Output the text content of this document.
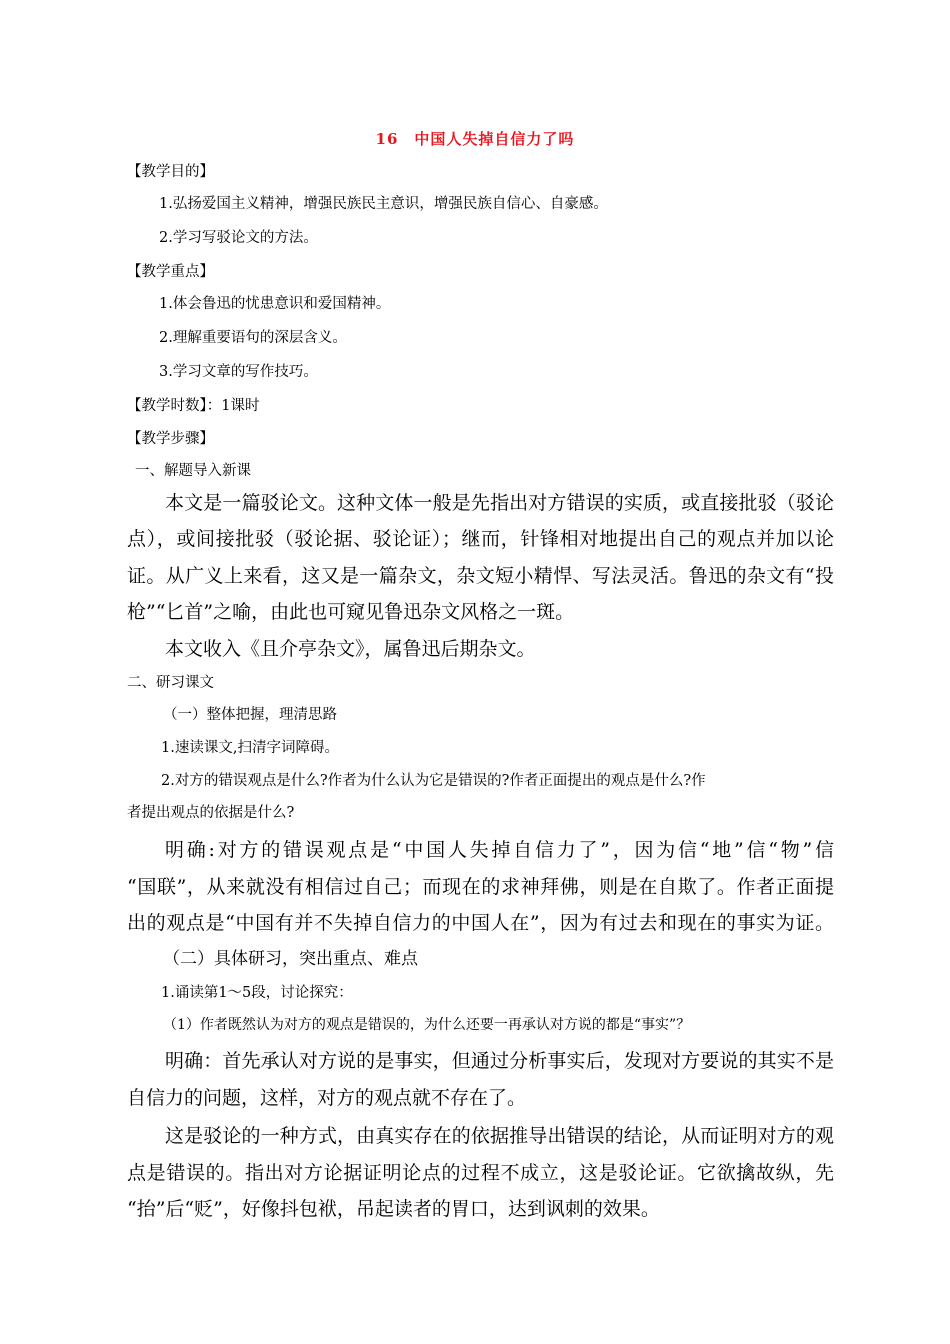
16　中国人失掉自信力了吗
【教学目的】
1.弘扬爱国主义精神，增强民族民主意识，增强民族自信心、自豪感。
2.学习写驳论文的方法。
【教学重点】
1.体会鲁迅的忧患意识和爱国精神。
2.理解重要语句的深层含义。
3.学习文章的写作技巧。
【教学时数】：1课时
【教学步骤】
一、解题导入新课
本文是一篇驳论文。这种文体一般是先指出对方错误的实质，或直接批驳（驳论
点），或间接批驳（驳论据、驳论证）；继而，针锋相对地提出自己的观点并加以论
证。从广义上来看，这又是一篇杂文，杂文短小精悍、写法灵活。鲁迅的杂文有“投
枪”“匕首”之喻，由此也可窥见鲁迅杂文风格之一斑。
本文收入《且介亭杂文》，属鲁迅后期杂文。
二、研习课文
（一）整体把握，理清思路
1.速读课文,扫清字词障碍。
2.对方的错误观点是什么?作者为什么认为它是错误的?作者正面提出的观点是什么?作
者提出观点的依据是什么?
明确:对方的错误观点是“中国人失掉自信力了”，因为信“地”信“物”信
“国联”，从来就没有相信过自己；而现在的求神拜佛，则是在自欺了。作者正面提
出的观点是“中国有并不失掉自信力的中国人在”，因为有过去和现在的事实为证。
（二）具体研习，突出重点、难点
1.诵读第1～5段，讨论探究：
（1）作者既然认为对方的观点是错误的，为什么还要一再承认对方说的都是“事实”？
明确：首先承认对方说的是事实，但通过分析事实后，发现对方要说的其实不是
自信力的问题，这样，对方的观点就不存在了。
这是驳论的一种方式，由真实存在的依据推导出错误的结论，从而证明对方的观
点是错误的。指出对方论据证明论点的过程不成立，这是驳论证。它欲擒故纵，先
“抬”后“贬”，好像抖包袱，吊起读者的胃口，达到讽刺的效果。
